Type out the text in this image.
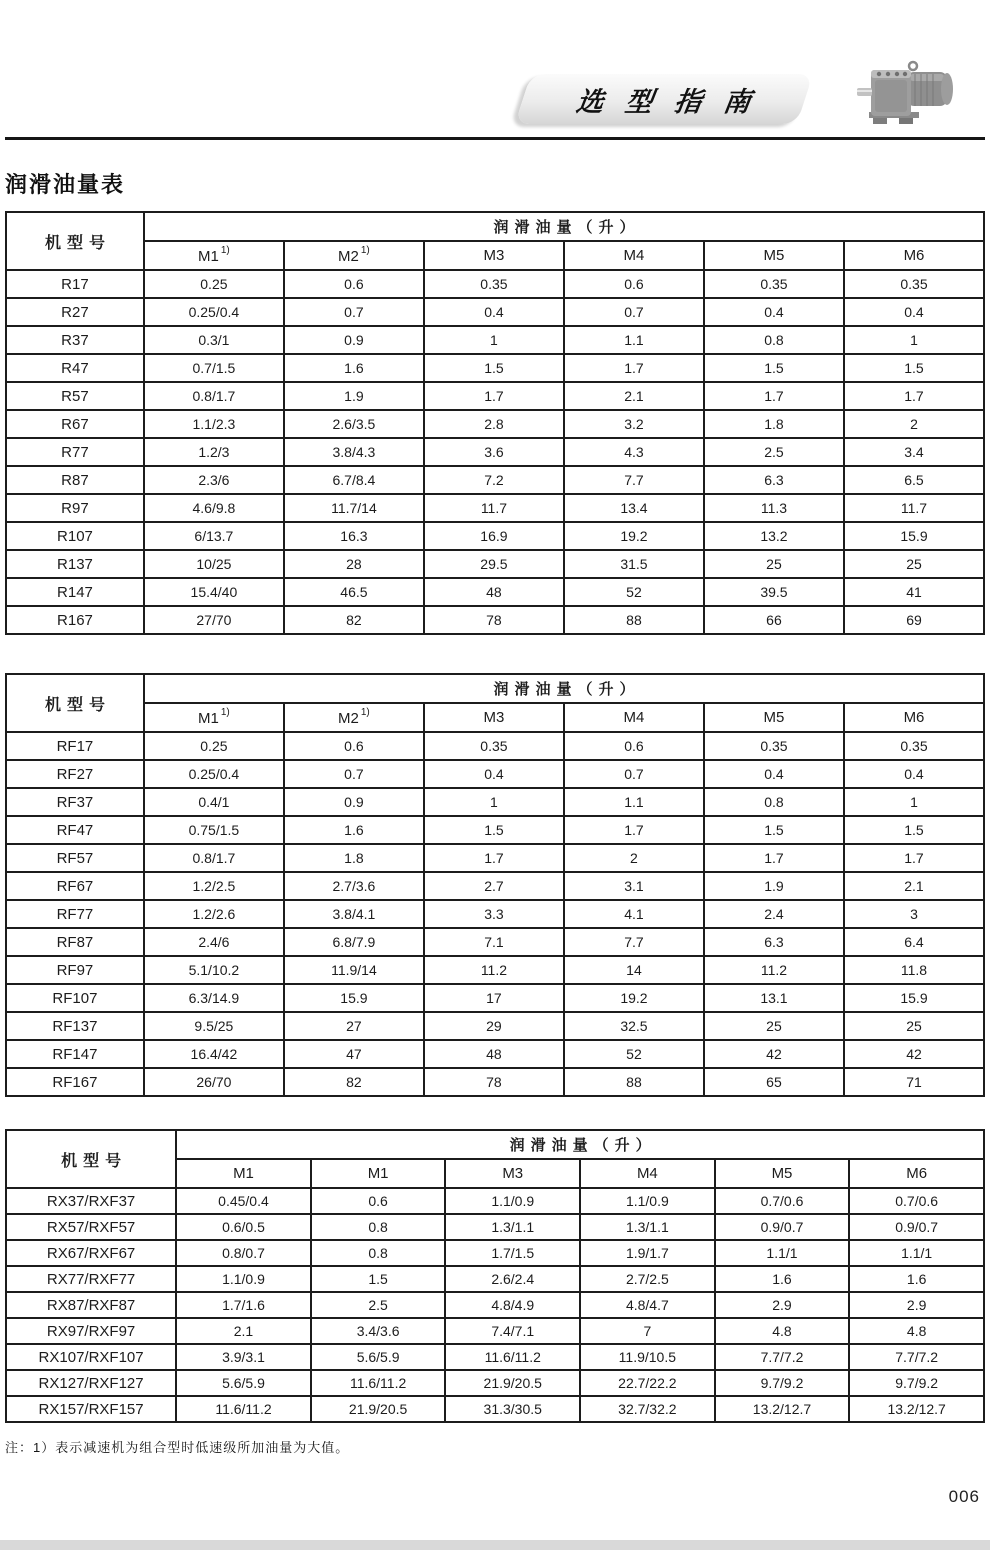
选型指南
润滑油量表
机型号	润滑油量（升）					
	M1 $^{1)}$	M2 $^{1)}$	M3	M4	M5	M6
R17	0.25	0.6	0.35	0.6	0.35	0.35
R27	0.25/0.4	0.7	0.4	0.7	0.4	0.4
R37	0.3/1	0.9	1	1.1	0.8	1
R47	0.7/1.5	1.6	1.5	1.7	1.5	1.5
R57	0.8/1.7	1.9	1.7	2.1	1.7	1.7
R67	1.1/2.3	2.6/3.5	2.8	3.2	1.8	2
R77	1.2/3	3.8/4.3	3.6	4.3	2.5	3.4
R87	2.3/6	6.7/8.4	7.2	7.7	6.3	6.5
R97	4.6/9.8	11.7/14	11.7	13.4	11.3	11.7
R107	6/13.7	16.3	16.9	19.2	13.2	15.9
R137	10/25	28	29.5	31.5	25	25
R147	15.4/40	46.5	48	52	39.5	41
R167	27/70	82	78	88	66	69
机型号	润滑油量（升）					
	M1 $^{1)}$	M2 $^{1)}$	M3	M4	M5	M6
RF17	0.25	0.6	0.35	0.6	0.35	0.35
RF27	0.25/0.4	0.7	0.4	0.7	0.4	0.4
RF37	0.4/1	0.9	1	1.1	0.8	1
RF47	0.75/1.5	1.6	1.5	1.7	1.5	1.5
RF57	0.8/1.7	1.8	1.7	2	1.7	1.7
RF67	1.2/2.5	2.7/3.6	2.7	3.1	1.9	2.1
RF77	1.2/2.6	3.8/4.1	3.3	4.1	2.4	3
RF87	2.4/6	6.8/7.9	7.1	7.7	6.3	6.4
RF97	5.1/10.2	11.9/14	11.2	14	11.2	11.8
RF107	6.3/14.9	15.9	17	19.2	13.1	15.9
RF137	9.5/25	27	29	32.5	25	25
RF147	16.4/42	47	48	52	42	42
RF167	26/70	82	78	88	65	71
机型号	润滑油量（升）					
	M1	M1	M3	M4	M5	M6
RX37/RXF37	0.45/0.4	0.6	1.1/0.9	1.1/0.9	0.7/0.6	0.7/0.6
RX57/RXF57	0.6/0.5	0.8	1.3/1.1	1.3/1.1	0.9/0.7	0.9/0.7
RX67/RXF67	0.8/0.7	0.8	1.7/1.5	1.9/1.7	1.1/1	1.1/1
RX77/RXF77	1.1/0.9	1.5	2.6/2.4	2.7/2.5	1.6	1.6
RX87/RXF87	1.7/1.6	2.5	4.8/4.9	4.8/4.7	2.9	2.9
RX97/RXF97	2.1	3.4/3.6	7.4/7.1	7	4.8	4.8
RX107/RXF107	3.9/3.1	5.6/5.9	11.6/11.2	11.9/10.5	7.7/7.2	7.7/7.2
RX127/RXF127	5.6/5.9	11.6/11.2	21.9/20.5	22.7/22.2	9.7/9.2	9.7/9.2
RX157/RXF157	11.6/11.2	21.9/20.5	31.3/30.5	32.7/32.2	13.2/12.7	13.2/12.7

注：1）表示减速机为组合型时低速级所加油量为大值。

006
